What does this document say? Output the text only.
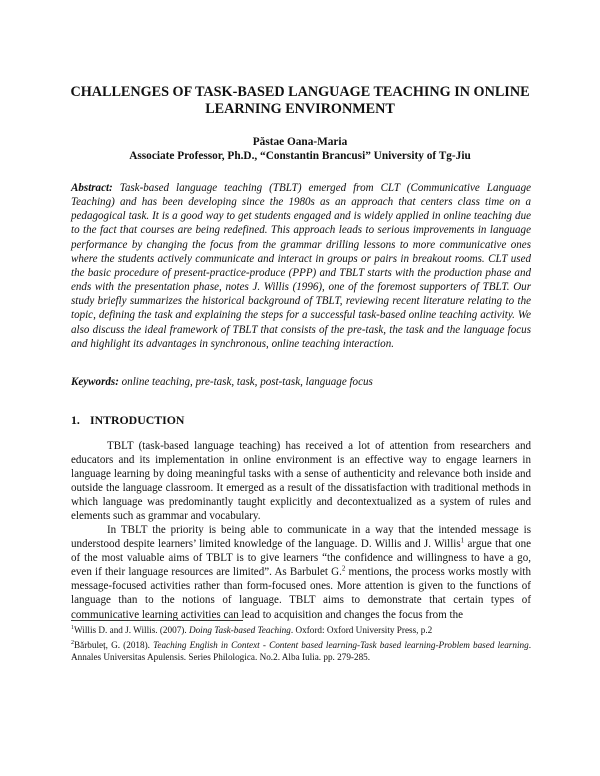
CHALLENGES OF TASK-BASED LANGUAGE TEACHING IN ONLINE LEARNING ENVIRONMENT
Păstae Oana-Maria
Associate Professor, Ph.D., “Constantin Brancusi” University of Tg-Jiu

Abstract: Task-based language teaching (TBLT) emerged from CLT (Communicative Language Teaching) and has been developing since the 1980s as an approach that centers class time on a pedagogical task. It is a good way to get students engaged and is widely applied in online teaching due to the fact that courses are being redefined. This approach leads to serious improvements in language performance by changing the focus from the grammar drilling lessons to more communicative ones where the students actively communicate and interact in groups or pairs in breakout rooms. CLT used the basic procedure of present-practice-produce (PPP) and TBLT starts with the production phase and ends with the presentation phase, notes J. Willis (1996), one of the foremost supporters of TBLT. Our study briefly summarizes the historical background of TBLT, reviewing recent literature relating to the topic, defining the task and explaining the steps for a successful task-based online teaching activity. We also discuss the ideal framework of TBLT that consists of the pre-task, the task and the language focus and highlight its advantages in synchronous, online teaching interaction.

Keywords: online teaching, pre-task, task, post-task, language focus

1. INTRODUCTION

TBLT (task-based language teaching) has received a lot of attention from researchers and educators and its implementation in online environment is an effective way to engage learners in language learning by doing meaningful tasks with a sense of authenticity and relevance both inside and outside the language classroom. It emerged as a result of the dissatisfaction with traditional methods in which language was predominantly taught explicitly and decontextualized as a system of rules and elements such as grammar and vocabulary.

In TBLT the priority is being able to communicate in a way that the intended message is understood despite learners’ limited knowledge of the language. D. Willis and J. Willis$^1$ argue that one of the most valuable aims of TBLT is to give learners “the confidence and willingness to have a go, even if their language resources are limited”. As Barbulet G.$^2$ mentions, the process works mostly with message-focused activities rather than form-focused ones. More attention is given to the functions of language than to the notions of language. TBLT aims to demonstrate that certain types of communicative learning activities can lead to acquisition and changes the focus from the

$^1$Willis D. and J. Willis. (2007). Doing Task-based Teaching. Oxford: Oxford University Press, p.2

$^2$Bărbuleț, G. (2018). Teaching English in Context - Content based learning-Task based learning-Problem based learning. Annales Universitas Apulensis. Series Philologica. No.2. Alba Iulia. pp. 279-285.
